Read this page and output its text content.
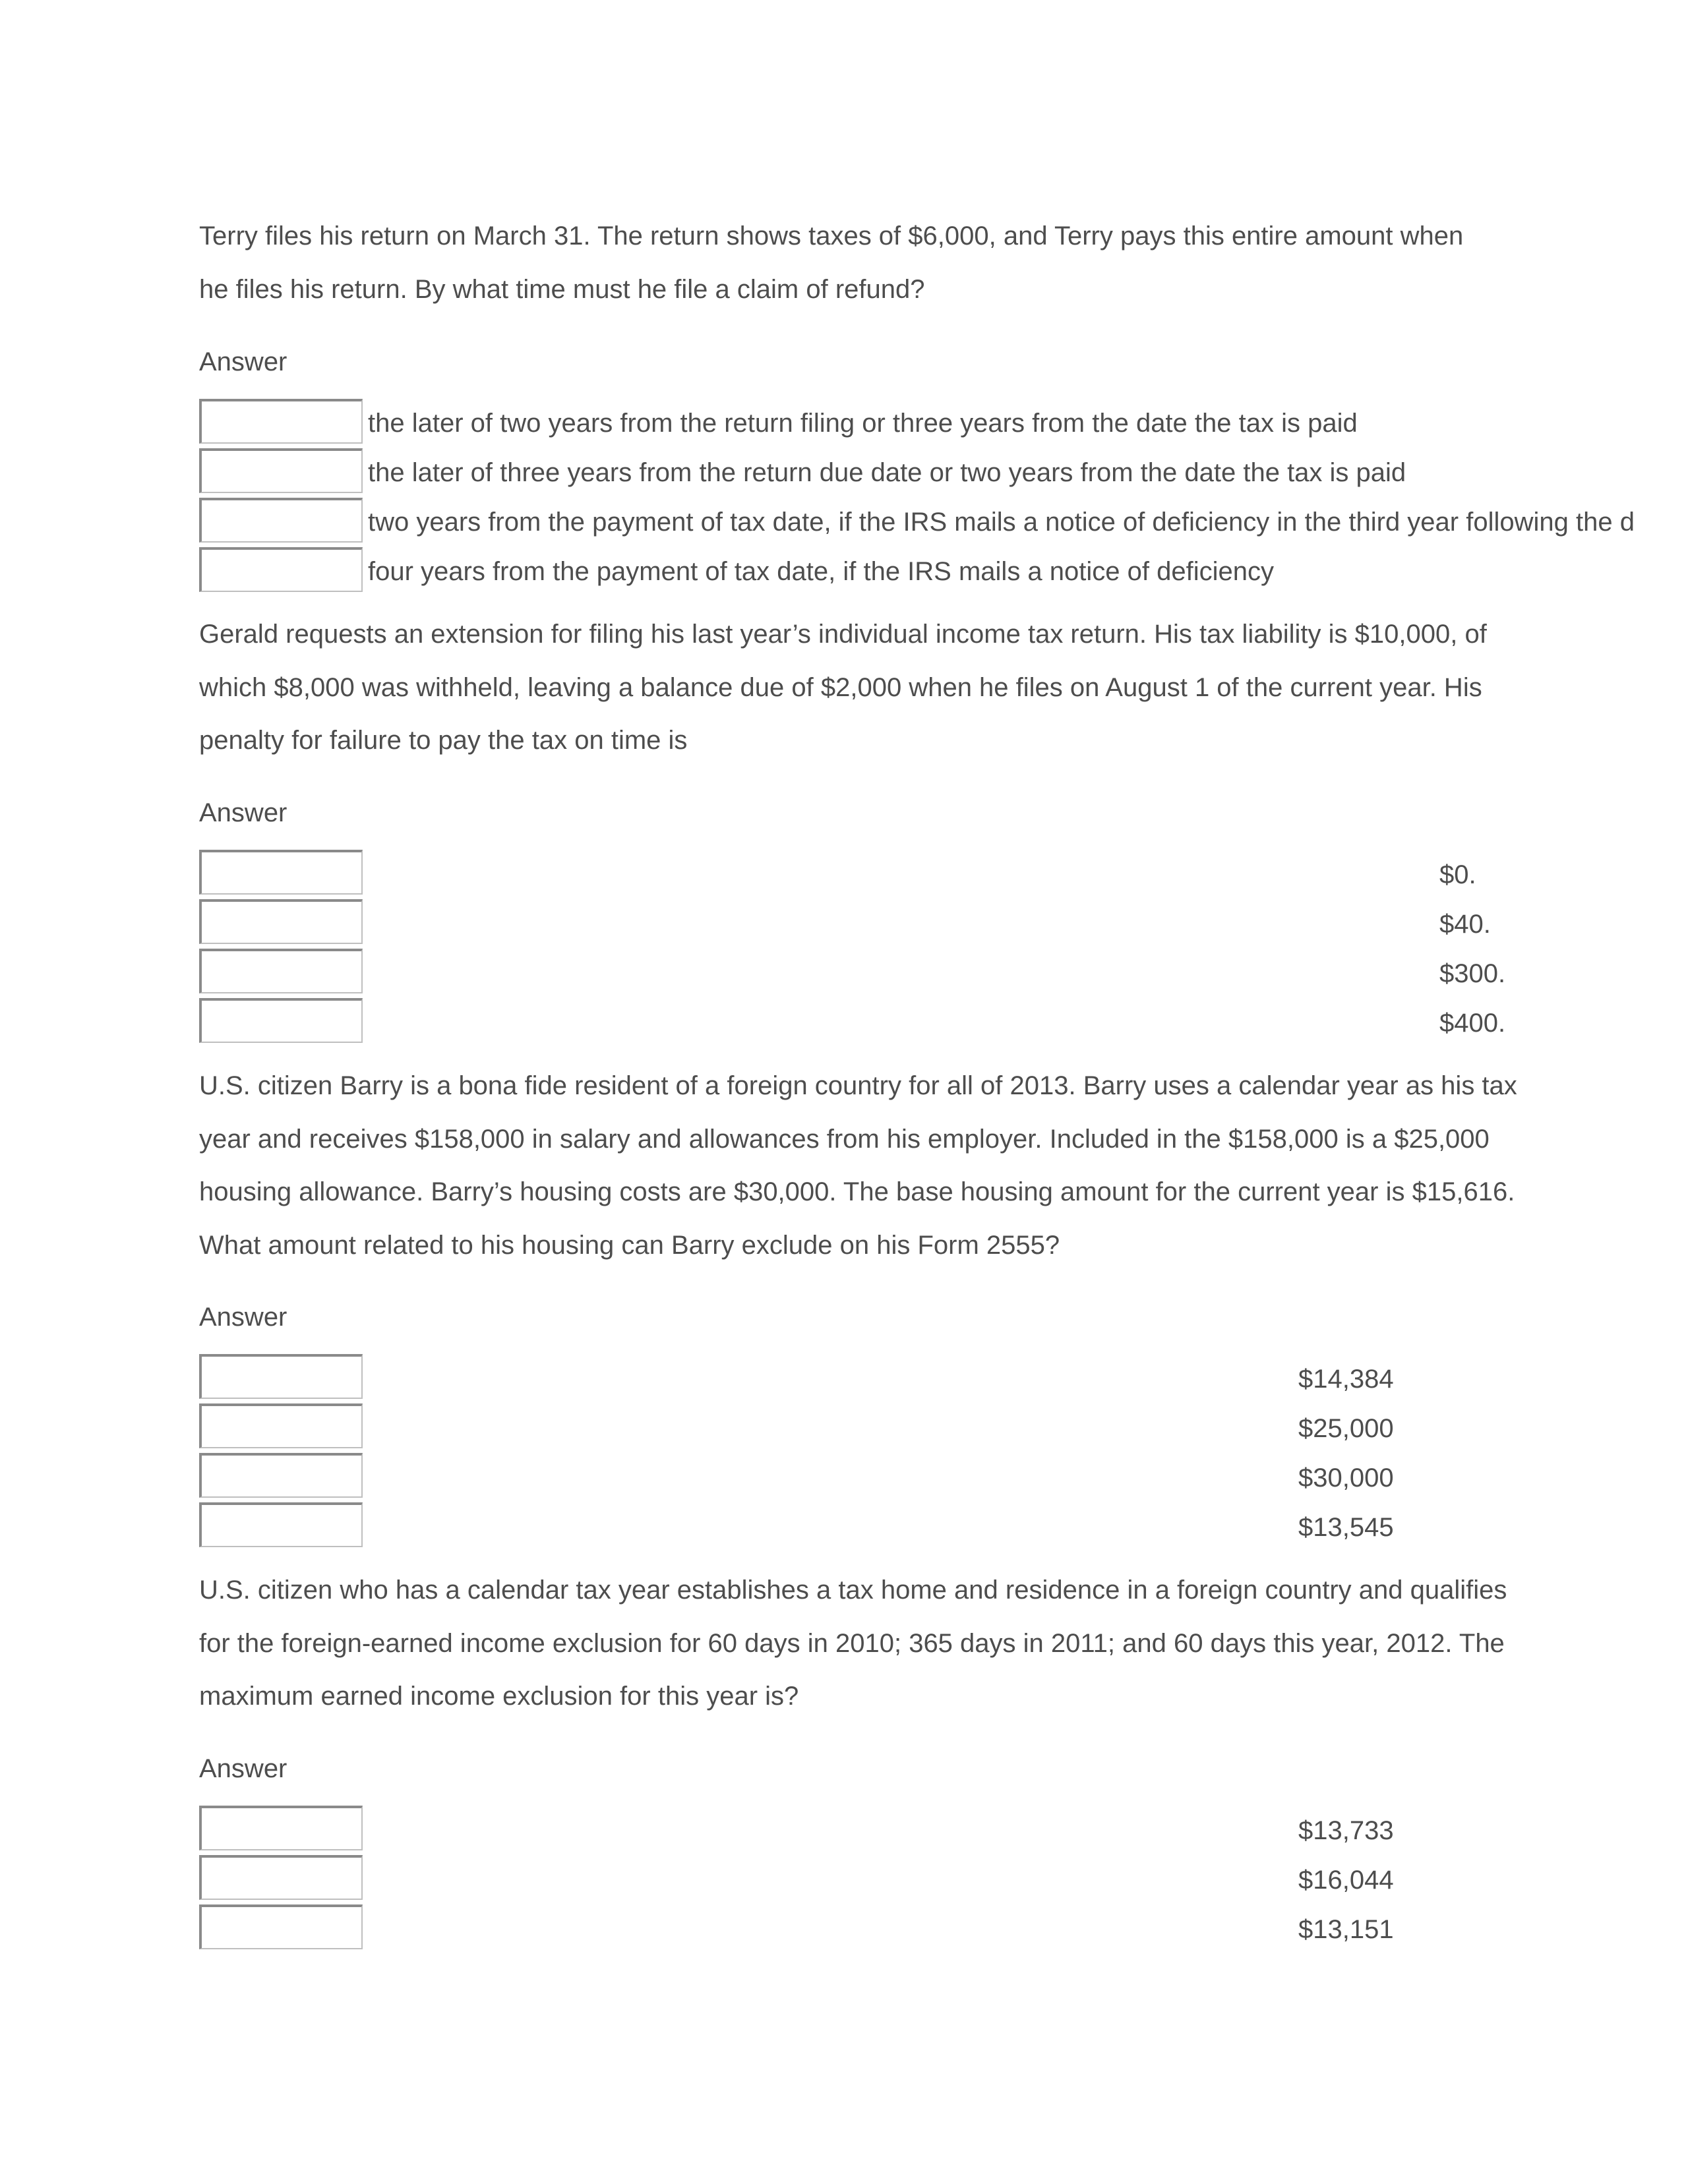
Terry files his return on March 31. The return shows taxes of $6,000, and Terry pays this entire amount when he files his return. By what time must he file a claim of refund?

Answer
the later of two years from the return filing or three years from the date the tax is paid
the later of three years from the return due date or two years from the date the tax is paid
two years from the payment of tax date, if the IRS mails a notice of deficiency in the third year following the d
four years from the payment of tax date, if the IRS mails a notice of deficiency

Gerald requests an extension for filing his last year’s individual income tax return. His tax liability is $10,000, of which $8,000 was withheld, leaving a balance due of $2,000 when he files on August 1 of the current year. His penalty for failure to pay the tax on time is

Answer
$0.
$40.
$300.
$400.

U.S. citizen Barry is a bona fide resident of a foreign country for all of 2013. Barry uses a calendar year as his tax year and receives $158,000 in salary and allowances from his employer. Included in the $158,000 is a $25,000 housing allowance. Barry’s housing costs are $30,000. The base housing amount for the current year is $15,616. What amount related to his housing can Barry exclude on his Form 2555?

Answer
$14,384
$25,000
$30,000
$13,545

U.S. citizen who has a calendar tax year establishes a tax home and residence in a foreign country and qualifies for the foreign-earned income exclusion for 60 days in 2010; 365 days in 2011; and 60 days this year, 2012. The maximum earned income exclusion for this year is?

Answer
$13,733
$16,044
$13,151
